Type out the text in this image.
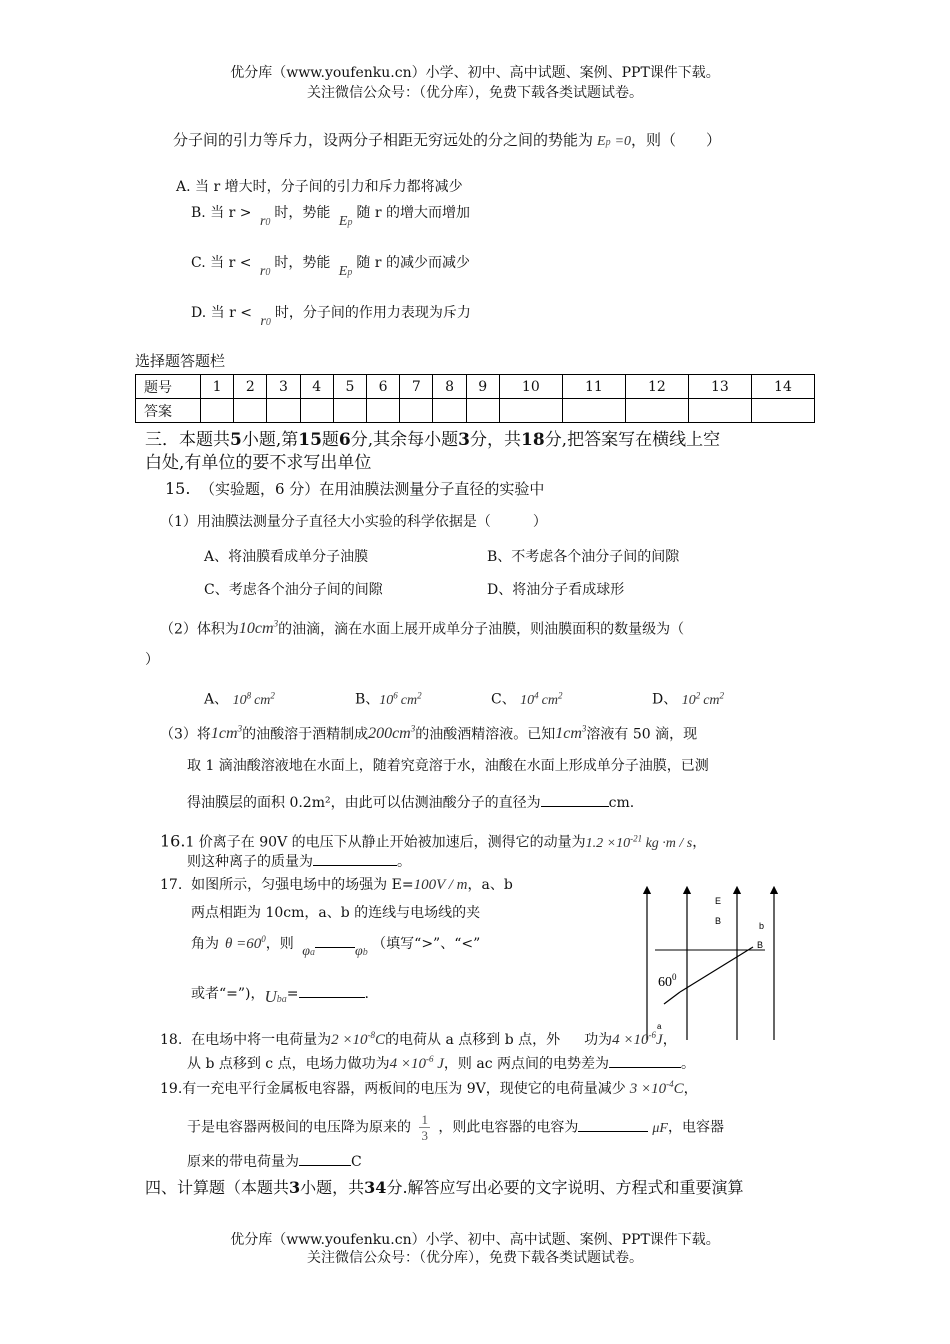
优分库（www.youfenku.cn）小学、初中、高中试题、案例、PPT课件下载。
关注微信公众号：（优分库），免费下载各类试题试卷。
分子间的引力等斥力，设两分子相距无穷远处的分之间的势能为 Ep =0，则（　　）
A. 当 r 增大时，分子间的引力和斥力都将减少
B. 当 r > r0时，势能 Ep随 r 的增大而增加
C. 当 r < r0时，势能 Ep随 r 的减少而减少
D. 当 r < r0时，分子间的作用力表现为斥力
选择题答题栏
题号	1	2	3	4	5	6	7	8	9	10	11	12	13	14
答案														
三．本题共5小题,第15题6分,其余每小题3分，共18分,把答案写在横线上空
白处,有单位的要不求写出单位
15. （实验题，6 分）在用油膜法测量分子直径的实验中
（1）用油膜法测量分子直径大小实验的科学依据是（　　　）
A、将油膜看成单分子油膜	B、不考虑各个油分子间的间隙
C、考虑各个油分子间的间隙	D、将油分子看成球形
（2）体积为$10cm^3$的油滴，滴在水面上展开成单分子油膜，则油膜面积的数量级为（
）
A、 $10^8$ $cm^2$	B、$10^6$ $cm^2$	C、 $10^4$ $cm^2$	D、 $10^2$ $cm^2$
（3）将$1cm^3$的油酸溶于酒精制成$200cm^3$的油酸酒精溶液。已知$1cm^3$溶液有 50 滴，现
取 1 滴油酸溶液地在水面上，随着究竟溶于水，油酸在水面上形成单分子油膜，已测
得油膜层的面积 0.2m²，由此可以估测油酸分子的直径为	cm.
16.1 价离子在 90V 的电压下从静止开始被加速后，测得它的动量为$1.2 \times 10^{-21}$ kg ·m / s，
则这种离子的质量为	。
17. 如图所示，匀强电场中的场强为 E=100V / m，a、b
两点相距为 10cm，a、b 的连线与电场线的夹
角为 $\theta =60^0$，则 φa	φb （填写“>”、“<”
或者“=”)，Uba=	.
E
B	b
B
$60^0$
a
18. 在电场中将一电荷量为$2 \times 10^{-8}C$的电荷从 a 点移到 b 点，外 功为$4 \times 10^{-6}J$，
从 b 点移到 c 点，电场力做功为$4 \times 10^{-6}$ J，则 ac 两点间的电势差为	。
19.有一充电平行金属板电容器，两板间的电压为 9V，现使它的电荷量减少 $3 \times 10^{-4}C$，
于是电容器两极间的电压降为原来的 $\frac{1}{3}$ ，则此电容器的电容为	μF，电容器
原来的带电荷量为	C
四、计算题（本题共3小题，共34分.解答应写出必要的文字说明、方程式和重要演算
优分库（www.youfenku.cn）小学、初中、高中试题、案例、PPT课件下载。
关注微信公众号：（优分库），免费下载各类试题试卷。
